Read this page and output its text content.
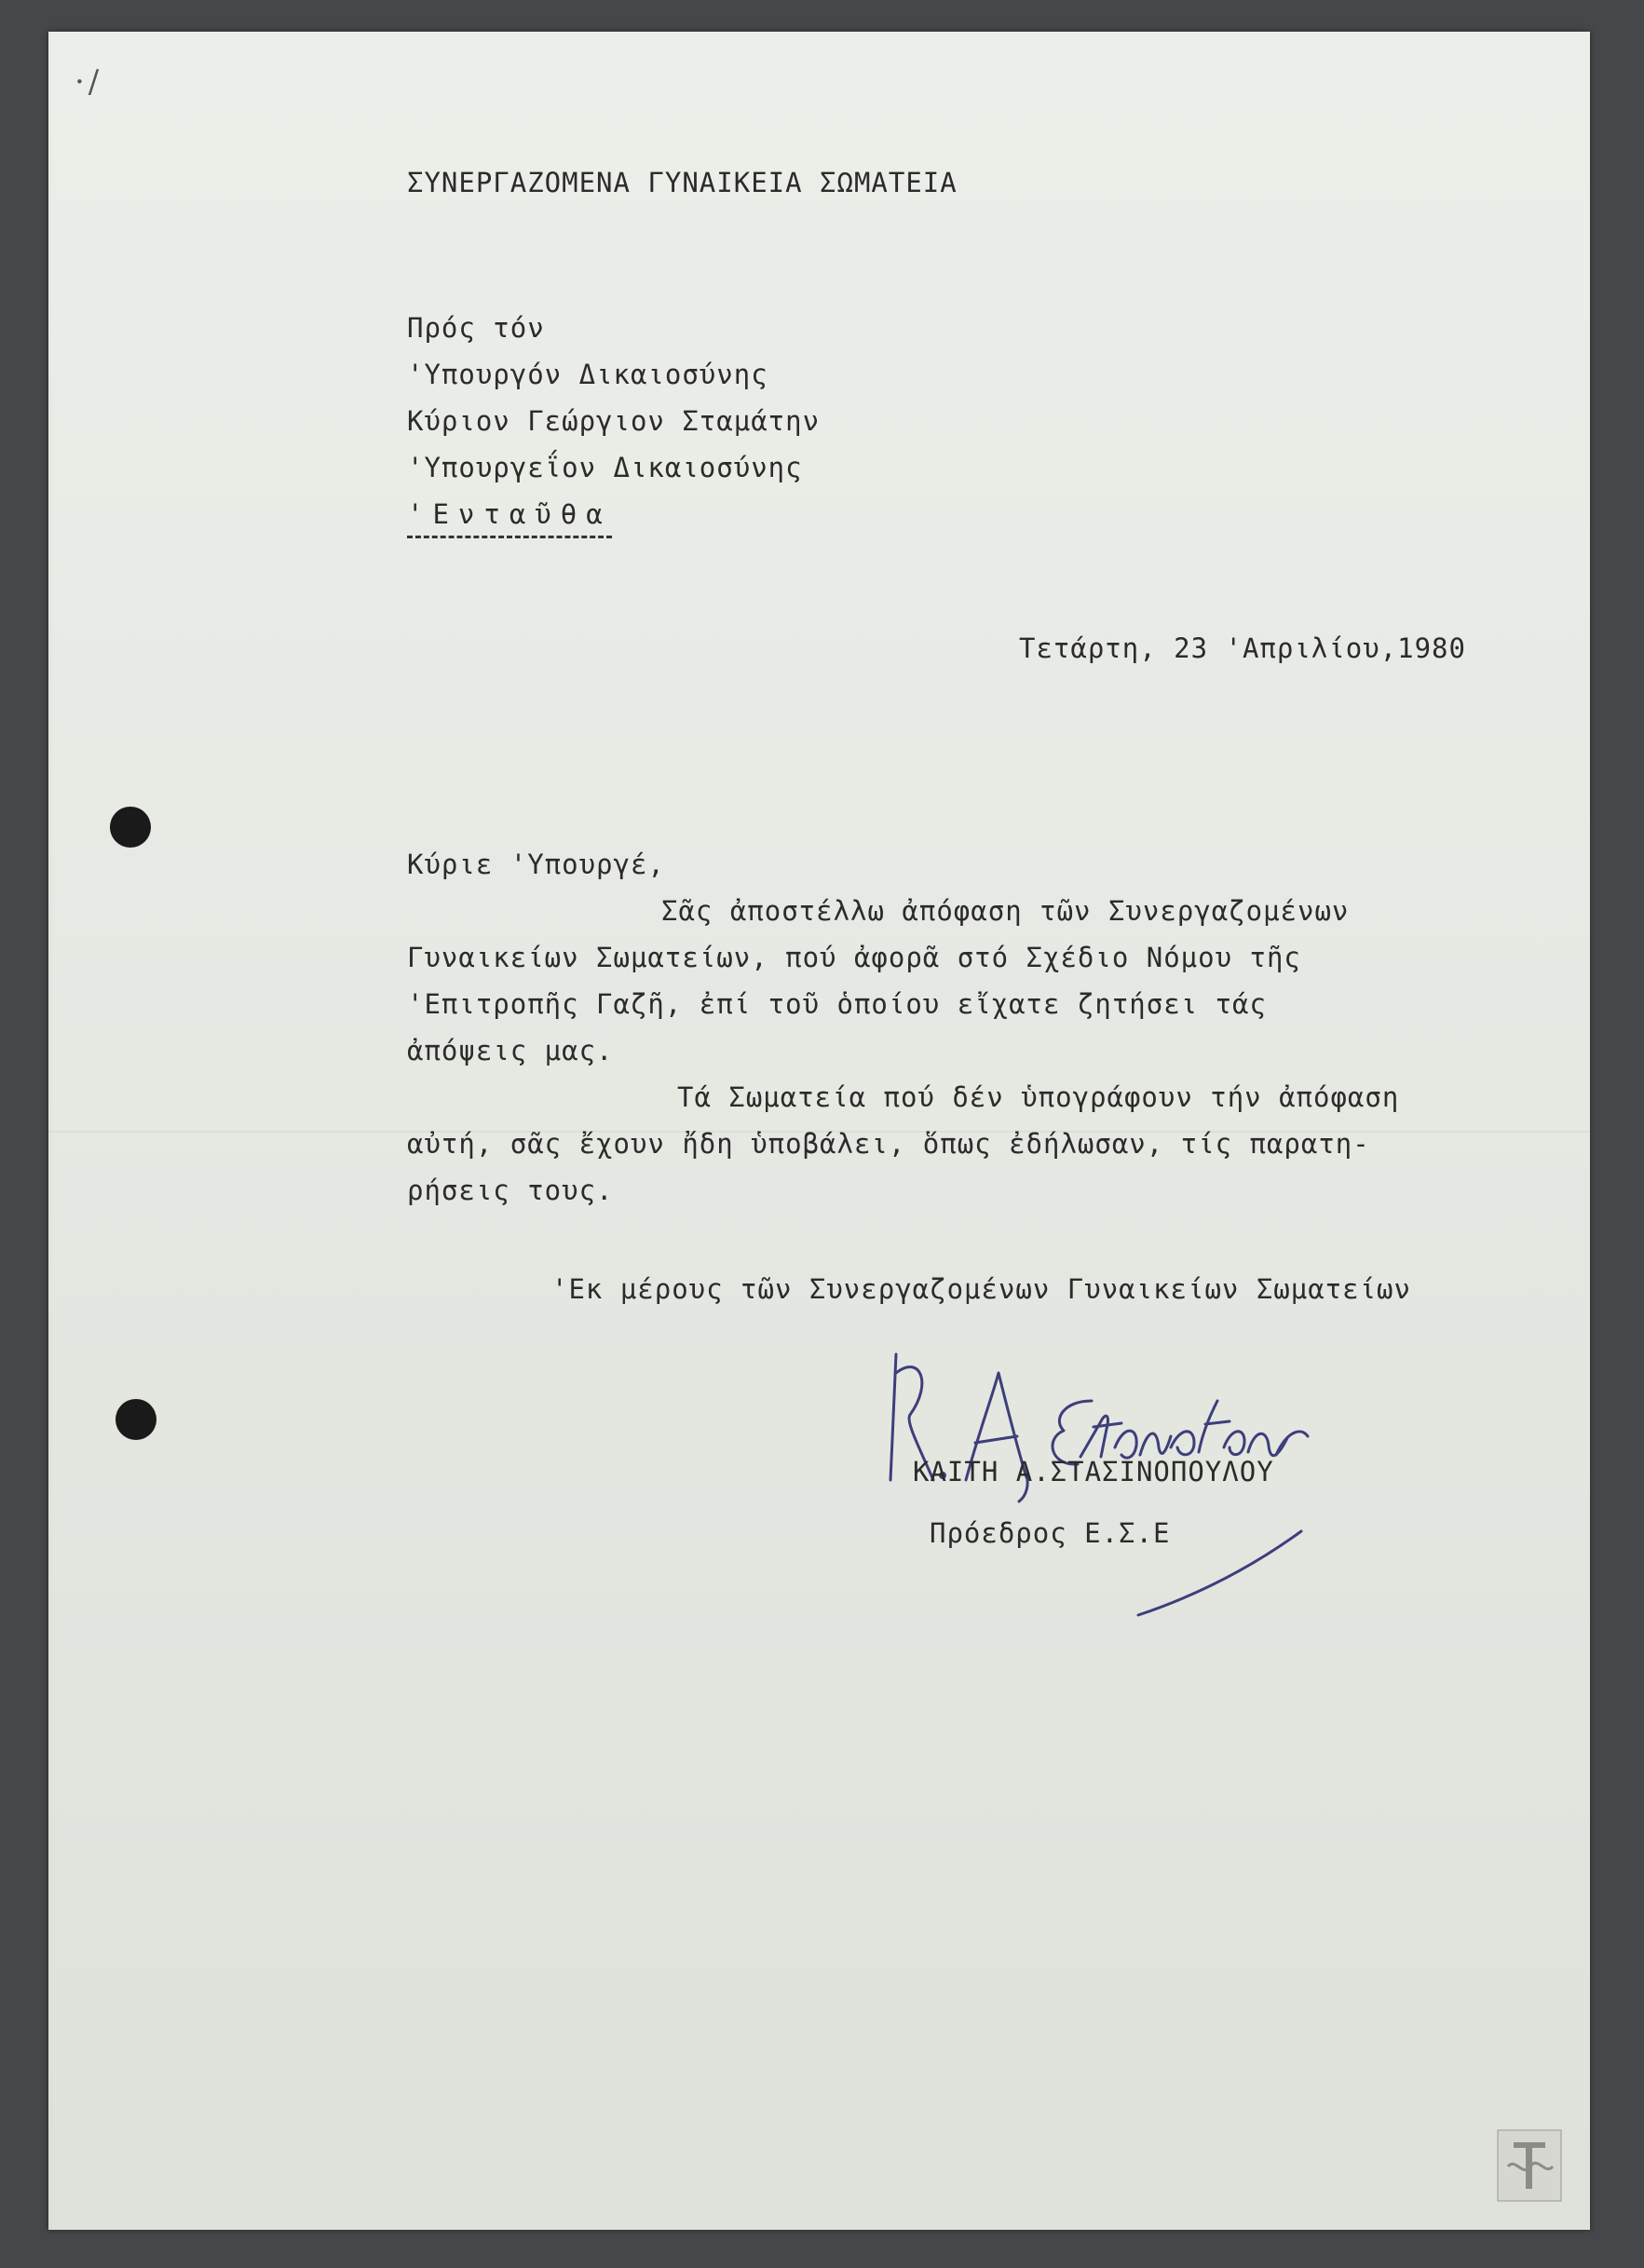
·/
ΣΥΝΕΡΓΑΖΟΜΕΝΑ ΓΥΝΑΙΚΕΙΑ ΣΩΜΑΤΕΙΑ
Πρός τόν
'Υπουργόν Δικαιοσύνης
Κύριον Γεώργιον Σταμάτην
'Υπουργεΐον Δικαιοσύνης
'Ενταῦθα
Τετάρτη, 23 'Απριλίου,1980
Κύριε 'Υπουργέ,
Σᾶς ἀποστέλλω ἀπόφαση τῶν Συνεργαζομένων
Γυναικείων Σωματείων, πού ἀφορᾶ στό Σχέδιο Νόμου τῆς
'Επιτροπῆς Γαζῆ, ἐπί τοῦ ὁποίου εἴχατε ζητήσει τάς
ἀπόψεις μας.
Τά Σωματεία πού δέν ὑπογράφουν τήν ἀπόφαση
αὐτή, σᾶς ἔχουν ἤδη ὑποβάλει, ὅπως ἐδήλωσαν, τίς παρατη-
ρήσεις τους.
'Εκ μέρους τῶν Συνεργαζομένων Γυναικείων Σωματείων
ΚΑΙΤΗ Α.ΣΤΑΣΙΝΟΠΟΥΛΟΥ
Πρόεδρος Ε.Σ.Ε
